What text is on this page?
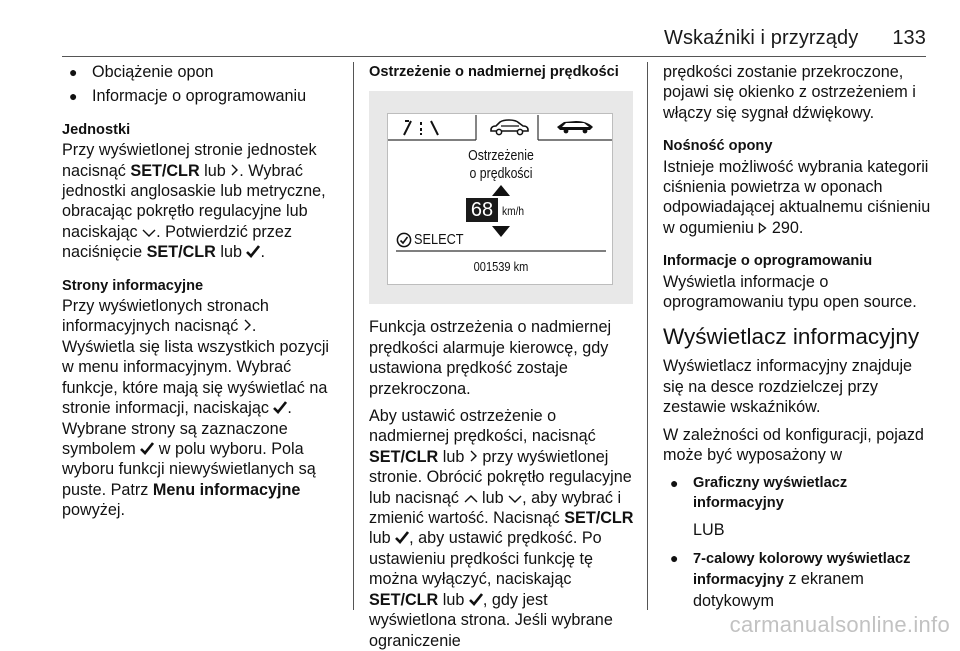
Wskaźniki i przyrządy 133
● Obciążenie opon
● Informacje o oprogramowaniu

Jednostki

Przy wyświetlonej stronie jednostek nacisnąć SET/CLR lub . Wybrać jednostki anglosaskie lub metryczne, obracając pokrętło regulacyjne lub naciskając . Potwierdzić przez naciśnięcie SET/CLR lub .

Strony informacyjne

Przy wyświetlonych stronach informacyjnych nacisnąć .

Wyświetla się lista wszystkich pozycji w menu informacyjnym. Wybrać funkcje, które mają się wyświetlać na stronie informacji, naciskając .

Wybrane strony są zaznaczone symbolem  w polu wyboru. Pola wyboru funkcji niewyświetlanych są puste. Patrz Menu informacyjne powyżej.

Ostrzeżenie o nadmiernej prędkości

Ostrzeżenie
o prędkości
68 km/h
SELECT
001539 km

Funkcja ostrzeżenia o nadmiernej prędkości alarmuje kierowcę, gdy ustawiona prędkość zostaje przekroczona.

Aby ustawić ostrzeżenie o nadmiernej prędkości, nacisnąć SET/CLR lub  przy wyświetlonej stronie. Obrócić pokrętło regulacyjne lub nacisnąć  lub , aby wybrać i zmienić wartość. Nacisnąć SET/CLR lub , aby ustawić prędkość. Po ustawieniu prędkości funkcję tę można wyłączyć, naciskając SET/CLR lub , gdy jest wyświetlona strona. Jeśli wybrane ograniczenie

prędkości zostanie przekroczone, pojawi się okienko z ostrzeżeniem i włączy się sygnał dźwiękowy.

Nośność opony

Istnieje możliwość wybrania kategorii ciśnienia powietrza w oponach odpowiadającej aktualnemu ciśnieniu w ogumieniu  290.

Informacje o oprogramowaniu

Wyświetla informacje o oprogramowaniu typu open source.

Wyświetlacz informacyjny

Wyświetlacz informacyjny znajduje się na desce rozdzielczej przy zestawie wskaźników.

W zależności od konfiguracji, pojazd może być wyposażony w

● Graficzny wyświetlacz informacyjny

LUB

● 7-calowy kolorowy wyświetlacz informacyjny z ekranem dotykowym
carmanualsonline.info
